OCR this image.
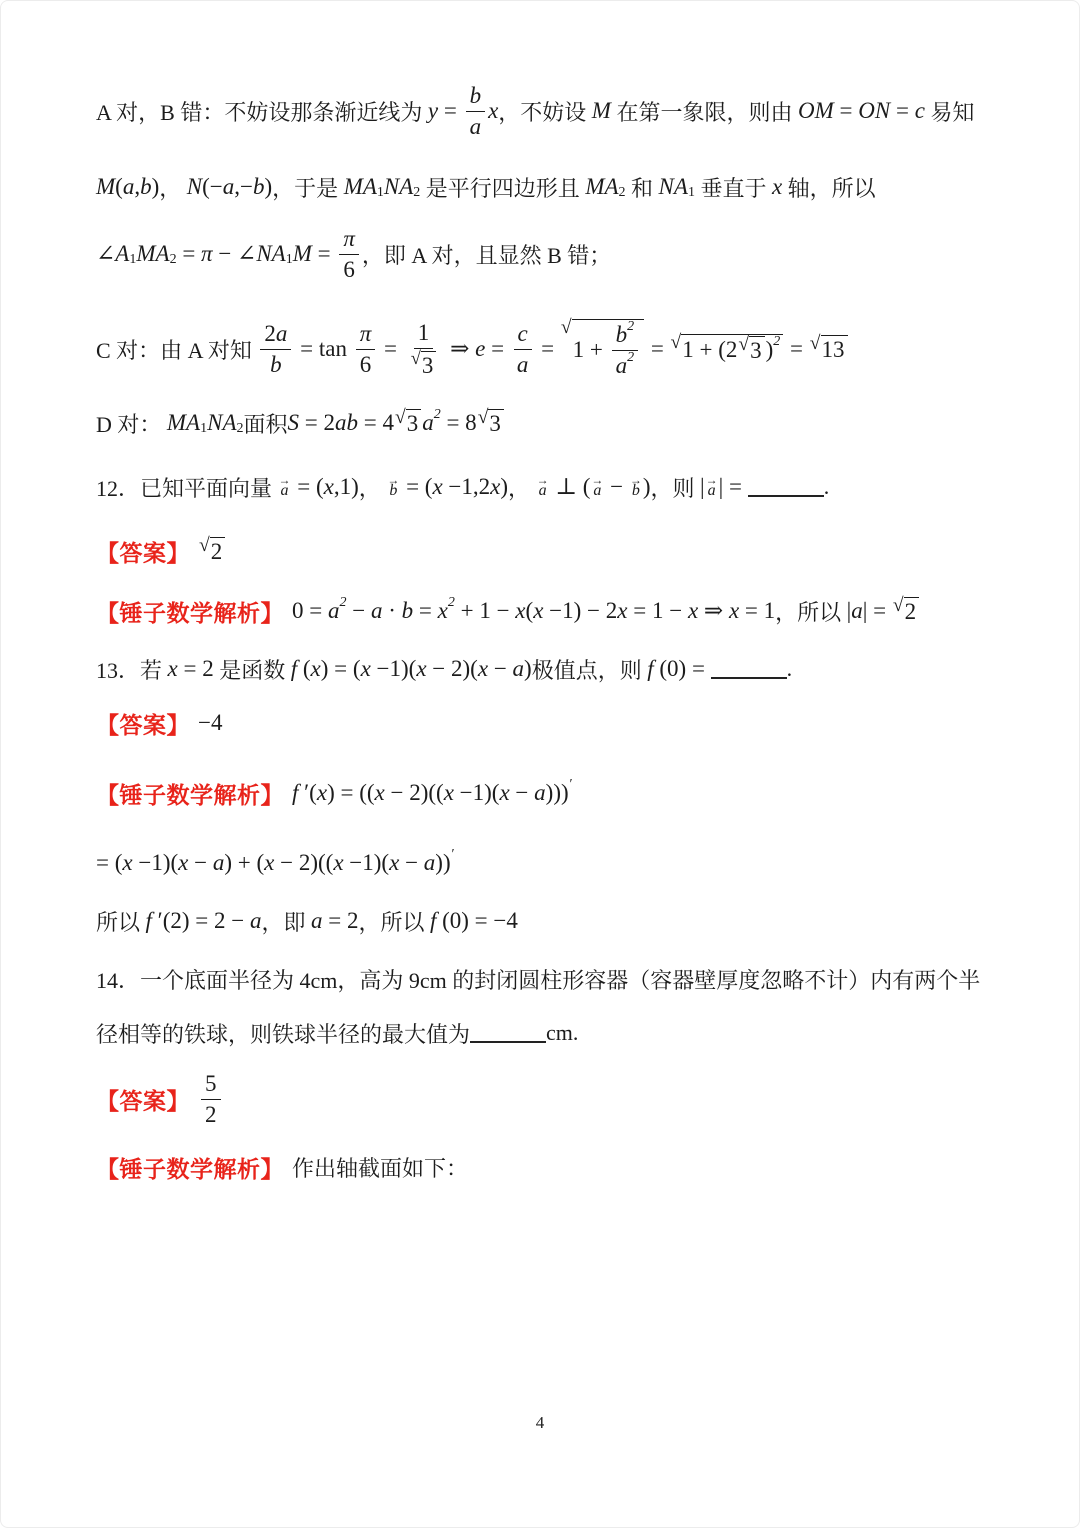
A 对，B 错：不妨设那条渐近线为 y =
b
a
x ，不妨设 M 在第一象限，则由 OM = ON = c 易知
M(a,b) ， N(−a,−b) ，于是 MA 1 NA 2 是平行四边形且 MA 2 和 NA 1 垂直于 x 轴，所以
∠A 1 MA 2 = π − ∠NA 1 M =
π
6
，即 A 对，且显然 B 错；
C 对：由 A 对知
2a
b
= tan
π
6
=
1
√ 3
⇒ e =
c
a
=
√
$1 + \frac{b 2}{a 2}$ = √ 1 + (2 √ 3 ) 2 = √ 13
D 对： MA 1 NA 2 面积 S = 2ab = 4 √ 3 a 2 = 8 √ 3
12．已知平面向量 →
a = (x,1) ， →
b = (x −1,2x) ， →
a ⊥ ( →
a − →
b ) ，则 | →
a | =	.
【答案】 √ 2
【锤子数学解析】 0 = a 2 − a · b = x 2 + 1 − x(x −1) − 2x = 1 − x ⇒ x = 1 ，所以 |a| = √ 2
13．若 x = 2 是函数 f (x) = (x −1)(x − 2)(x − a) 极值点，则 f (0) =	.
【答案】 −4
【锤子数学解析】 f ′(x) = ((x − 2)((x −1)(x − a))) ′
= (x −1)(x − a) + (x − 2)((x −1)(x − a)) ′
所以 f ′(2) = 2 − a ，即 a = 2 ，所以 f (0) = −4
14．一个底面半径为 4cm，高为 9cm 的封闭圆柱形容器（容器壁厚度忽略不计）内有两个半
径相等的铁球，则铁球半径的最大值为	cm.
【答案】
5
2
【锤子数学解析】 作出轴截面如下：
4
